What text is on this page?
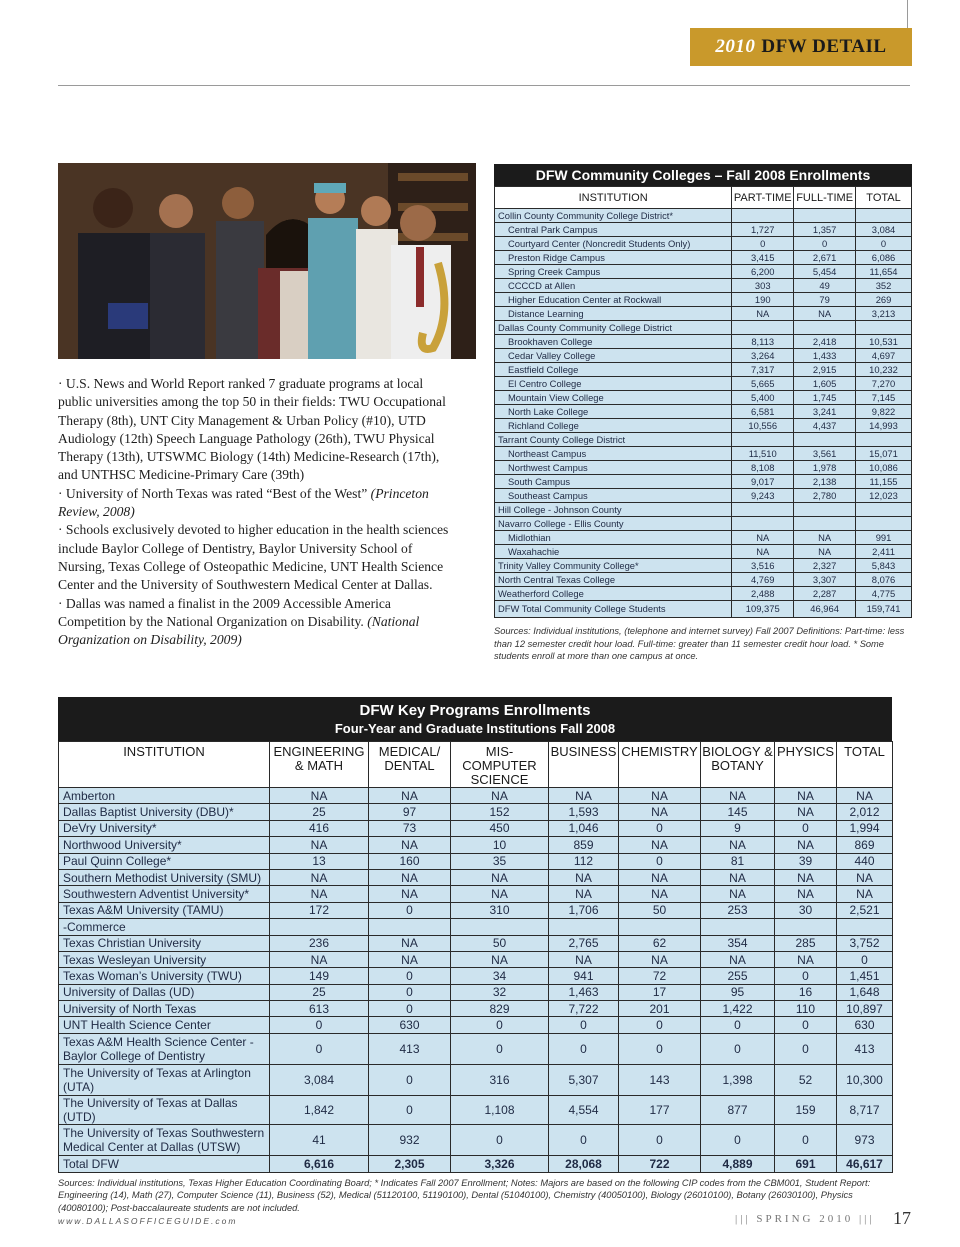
2010 DFW DETAIL

· U.S. News and World Report ranked 7 graduate programs at local public universities among the top 50 in their fields: TWU Occupational Therapy (8th), UNT City Management & Urban Policy (#10), UTD Audiology (12th) Speech Language Pathology (26th), TWU Physical Therapy (13th), UTSWMC Biology (14th) Medicine-Research (17th), and UNTHSC Medicine-Primary Care (39th)

· University of North Texas was rated “Best of the West” (Princeton Review, 2008)

· Schools exclusively devoted to higher education in the health sciences include Baylor College of Dentistry, Baylor University School of Nursing, Texas College of Osteopathic Medicine, UNT Health Science Center and the University of Southwestern Medical Center at Dallas.

· Dallas was named a finalist in the 2009 Accessible America Competition by the National Organization on Disability. (National Organization on Disability, 2009)

DFW Community Colleges – Fall 2008 Enrollments
INSTITUTION	PART-TIME	FULL-TIME	TOTAL
Collin County Community College District*			
Central Park Campus	1,727	1,357	3,084
Courtyard Center (Noncredit Students Only)	0	0	0
Preston Ridge Campus	3,415	2,671	6,086
Spring Creek Campus	6,200	5,454	11,654
CCCCD at Allen	303	49	352
Higher Education Center at Rockwall	190	79	269
Distance Learning	NA	NA	3,213
Dallas County Community College District			
Brookhaven College	8,113	2,418	10,531
Cedar Valley College	3,264	1,433	4,697
Eastfield College	7,317	2,915	10,232
El Centro College	5,665	1,605	7,270
Mountain View College	5,400	1,745	7,145
North Lake College	6,581	3,241	9,822
Richland College	10,556	4,437	14,993
Tarrant County College District			
Northeast Campus	11,510	3,561	15,071
Northwest Campus	8,108	1,978	10,086
South Campus	9,017	2,138	11,155
Southeast Campus	9,243	2,780	12,023
Hill College - Johnson County			
Navarro College - Ellis County			
Midlothian	NA	NA	991
Waxahachie	NA	NA	2,411
Trinity Valley Community College*	3,516	2,327	5,843
North Central Texas College	4,769	3,307	8,076
Weatherford College	2,488	2,287	4,775
DFW Total Community College Students	109,375	46,964	159,741
Sources: Individual institutions, (telephone and internet survey) Fall 2007 Definitions: Part-time: less than 12 semester credit hour load. Full-time: greater than 11 semester credit hour load. * Some students enroll at more than one campus at once.
DFW Key Programs Enrollments
Four-Year and Graduate Institutions Fall 2008
INSTITUTION	ENGINEERING & MATH	MEDICAL/ DENTAL	MIS-COMPUTER SCIENCE	BUSINESS	CHEMISTRY	BIOLOGY & BOTANY	PHYSICS	TOTAL
Amberton	NA	NA	NA	NA	NA	NA	NA	NA
Dallas Baptist University (DBU)*	25	97	152	1,593	NA	145	NA	2,012
DeVry University*	416	73	450	1,046	0	9	0	1,994
Northwood University*	NA	NA	10	859	NA	NA	NA	869
Paul Quinn College*	13	160	35	112	0	81	39	440
Southern Methodist University (SMU)	NA	NA	NA	NA	NA	NA	NA	NA
Southwestern Adventist University*	NA	NA	NA	NA	NA	NA	NA	NA
Texas A&M University (TAMU)	172	0	310	1,706	50	253	30	2,521
-Commerce								
Texas Christian University	236	NA	50	2,765	62	354	285	3,752
Texas Wesleyan University	NA	NA	NA	NA	NA	NA	NA	0
Texas Woman’s University (TWU)	149	0	34	941	72	255	0	1,451
University of Dallas (UD)	25	0	32	1,463	17	95	16	1,648
University of North Texas	613	0	829	7,722	201	1,422	110	10,897
UNT Health Science Center	0	630	0	0	0	0	0	630
Texas A&M Health Science Center - Baylor College of Dentistry	0	413	0	0	0	0	0	413
The University of Texas at Arlington (UTA)	3,084	0	316	5,307	143	1,398	52	10,300
The University of Texas at Dallas (UTD)	1,842	0	1,108	4,554	177	877	159	8,717
The University of Texas Southwestern Medical Center at Dallas (UTSW)	41	932	0	0	0	0	0	973
Total DFW	6,616	2,305	3,326	28,068	722	4,889	691	46,617
Sources: Individual institutions, Texas Higher Education Coordinating Board; * Indicates Fall 2007 Enrollment; Notes: Majors are based on the following CIP codes from the CBM001, Student Report: Engineering (14), Math (27), Computer Science (11), Business (52), Medical (51120100, 51190100), Dental (51040100), Chemistry (40050100), Biology (26010100), Botany (26030100), Physics (40080100); Post-baccalaureate students are not included.
www.DALLASOFFICEGUIDE.com	||| SPRING 2010 ||| 17
